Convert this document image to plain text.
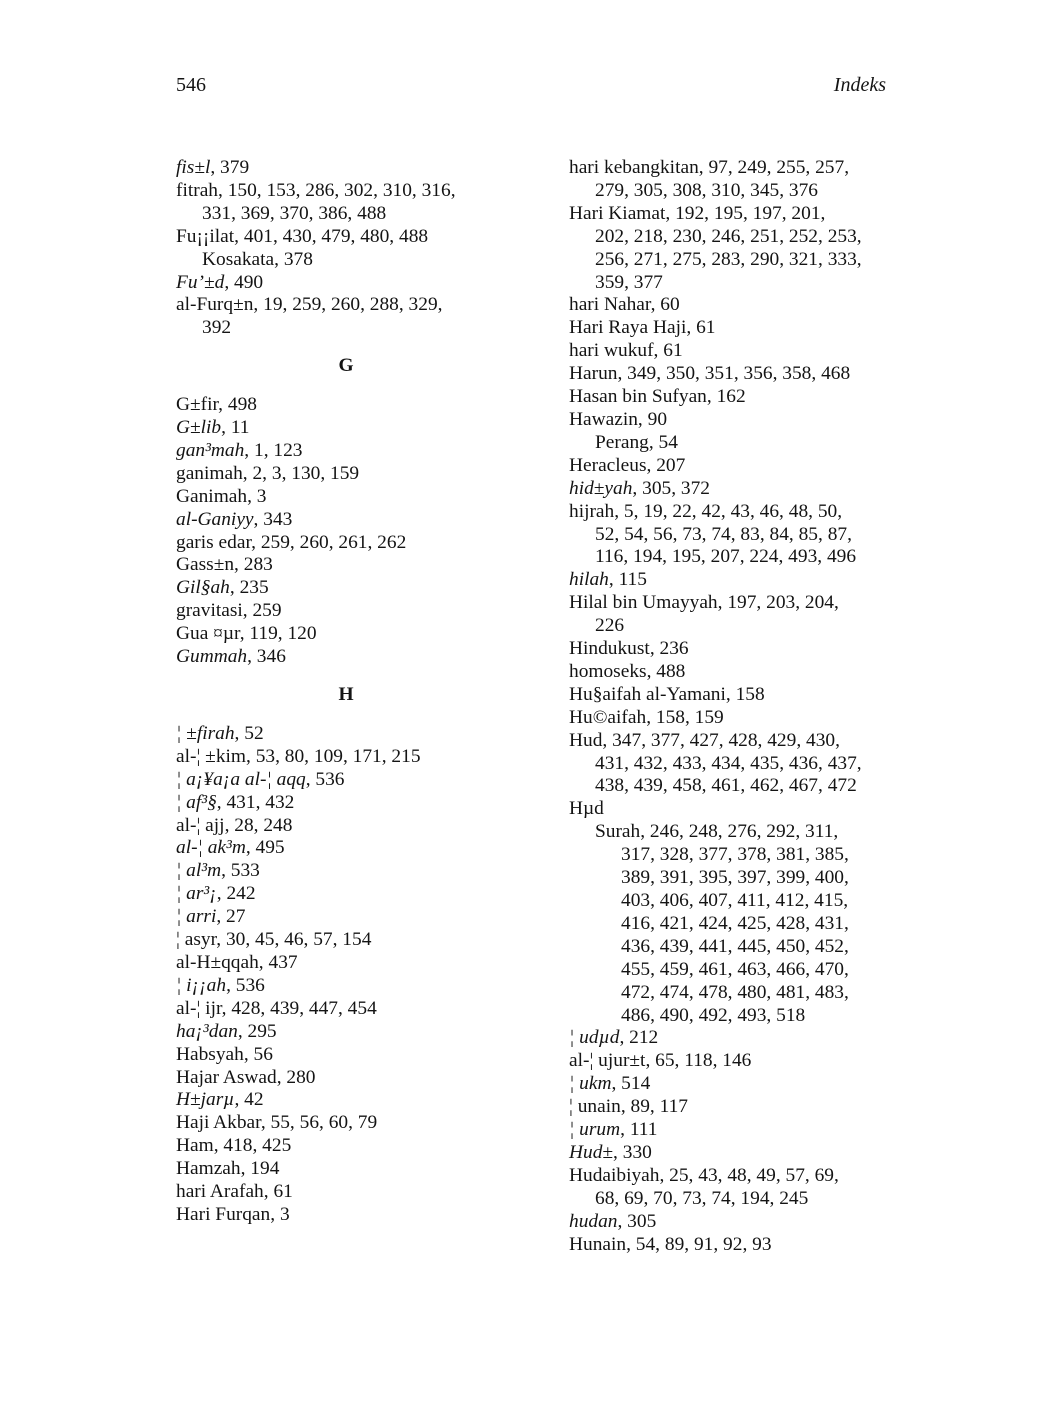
546	Indeks
fis±l, 379
fitrah, 150, 153, 286, 302, 310, 316,
331, 369, 370, 386, 488
Fu¡¡ilat, 401, 430, 479, 480, 488
Kosakata, 378
Fu’±d, 490
al-Furq±n, 19, 259, 260, 288, 329,
392
G
G±fir, 498
G±lib, 11
gan³mah, 1, 123
ganimah, 2, 3, 130, 159
Ganimah, 3
al-Ganiyy, 343
garis edar, 259, 260, 261, 262
Gass±n, 283
Gil§ah, 235
gravitasi, 259
Gua ¤µr, 119, 120
Gummah, 346
H
¦ ±firah, 52
al-¦ ±kim, 53, 80, 109, 171, 215
¦ a¡¥a¡a al-¦ aqq, 536
¦ af³§, 431, 432
al-¦ ajj, 28, 248
al-¦ ak³m, 495
¦ al³m, 533
¦ ar³¡, 242
¦ arri, 27
¦ asyr, 30, 45, 46, 57, 154
al-H±qqah, 437
¦ i¡¡ah, 536
al-¦ ijr, 428, 439, 447, 454
ha¡³dan, 295
Habsyah, 56
Hajar Aswad, 280
H±jarµ, 42
Haji Akbar, 55, 56, 60, 79
Ham, 418, 425
Hamzah, 194
hari Arafah, 61
Hari Furqan, 3
hari kebangkitan, 97, 249, 255, 257,
279, 305, 308, 310, 345, 376
Hari Kiamat, 192, 195, 197, 201,
202, 218, 230, 246, 251, 252, 253,
256, 271, 275, 283, 290, 321, 333,
359, 377
hari Nahar, 60
Hari Raya Haji, 61
hari wukuf, 61
Harun, 349, 350, 351, 356, 358, 468
Hasan bin Sufyan, 162
Hawazin, 90
Perang, 54
Heracleus, 207
hid±yah, 305, 372
hijrah, 5, 19, 22, 42, 43, 46, 48, 50,
52, 54, 56, 73, 74, 83, 84, 85, 87,
116, 194, 195, 207, 224, 493, 496
hilah, 115
Hilal bin Umayyah, 197, 203, 204,
226
Hindukust, 236
homoseks, 488
Hu§aifah al-Yamani, 158
Hu©aifah, 158, 159
Hud, 347, 377, 427, 428, 429, 430,
431, 432, 433, 434, 435, 436, 437,
438, 439, 458, 461, 462, 467, 472
Hµd
Surah, 246, 248, 276, 292, 311,
317, 328, 377, 378, 381, 385,
389, 391, 395, 397, 399, 400,
403, 406, 407, 411, 412, 415,
416, 421, 424, 425, 428, 431,
436, 439, 441, 445, 450, 452,
455, 459, 461, 463, 466, 470,
472, 474, 478, 480, 481, 483,
486, 490, 492, 493, 518
¦ udµd, 212
al-¦ ujur±t, 65, 118, 146
¦ ukm, 514
¦ unain, 89, 117
¦ urum, 111
Hud±, 330
Hudaibiyah, 25, 43, 48, 49, 57, 69,
68, 69, 70, 73, 74, 194, 245
hudan, 305
Hunain, 54, 89, 91, 92, 93
